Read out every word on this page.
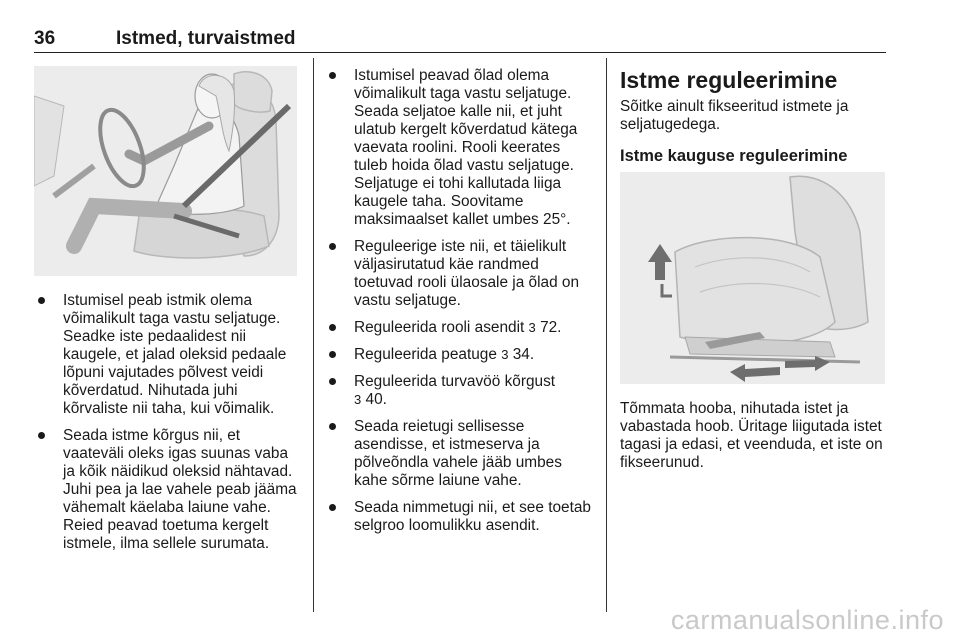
36	Istmed, turvaistmed
Istumisel peab istmik olema võimalikult taga vastu seljatuge. Seadke iste pedaalidest nii kaugele, et jalad oleksid pedaale lõpuni vajutades põlvest veidi kõverdatud. Nihutada juhi kõrvaliste nii taha, kui võimalik.
Seada istme kõrgus nii, et vaateväli oleks igas suunas vaba ja kõik näidikud oleksid nähtavad. Juhi pea ja lae vahele peab jääma vähemalt käelaba laiune vahe. Reied peavad toetuma kergelt istmele, ilma sellele surumata.
Istumisel peavad õlad olema võimalikult taga vastu seljatuge. Seada seljatoe kalle nii, et juht ulatub kergelt kõverdatud kätega vaevata roolini. Rooli keerates tuleb hoida õlad vastu seljatuge. Seljatuge ei tohi kallutada liiga kaugele taha. Soovitame maksimaalset kallet umbes 25°.
Reguleerige iste nii, et täielikult väljasirutatud käe randmed toetuvad rooli ülaosale ja õlad on vastu seljatuge.
Reguleerida rooli asendit 3 72.
Reguleerida peatuge 3 34.
Reguleerida turvavöö kõrgust
3 40.
Seada reietugi sellisesse asendisse, et istmeserva ja põlveõndla vahele jääb umbes kahe sõrme laiune vahe.
Seada nimmetugi nii, et see toetab selgroo loomulikku asendit.
Istme reguleerimine
Sõitke ainult fikseeritud istmete ja seljatugedega.
Istme kauguse reguleerimine
Tõmmata hooba, nihutada istet ja vabastada hoob. Üritage liigutada istet tagasi ja edasi, et veenduda, et iste on fikseerunud.
carmanualsonline.info
